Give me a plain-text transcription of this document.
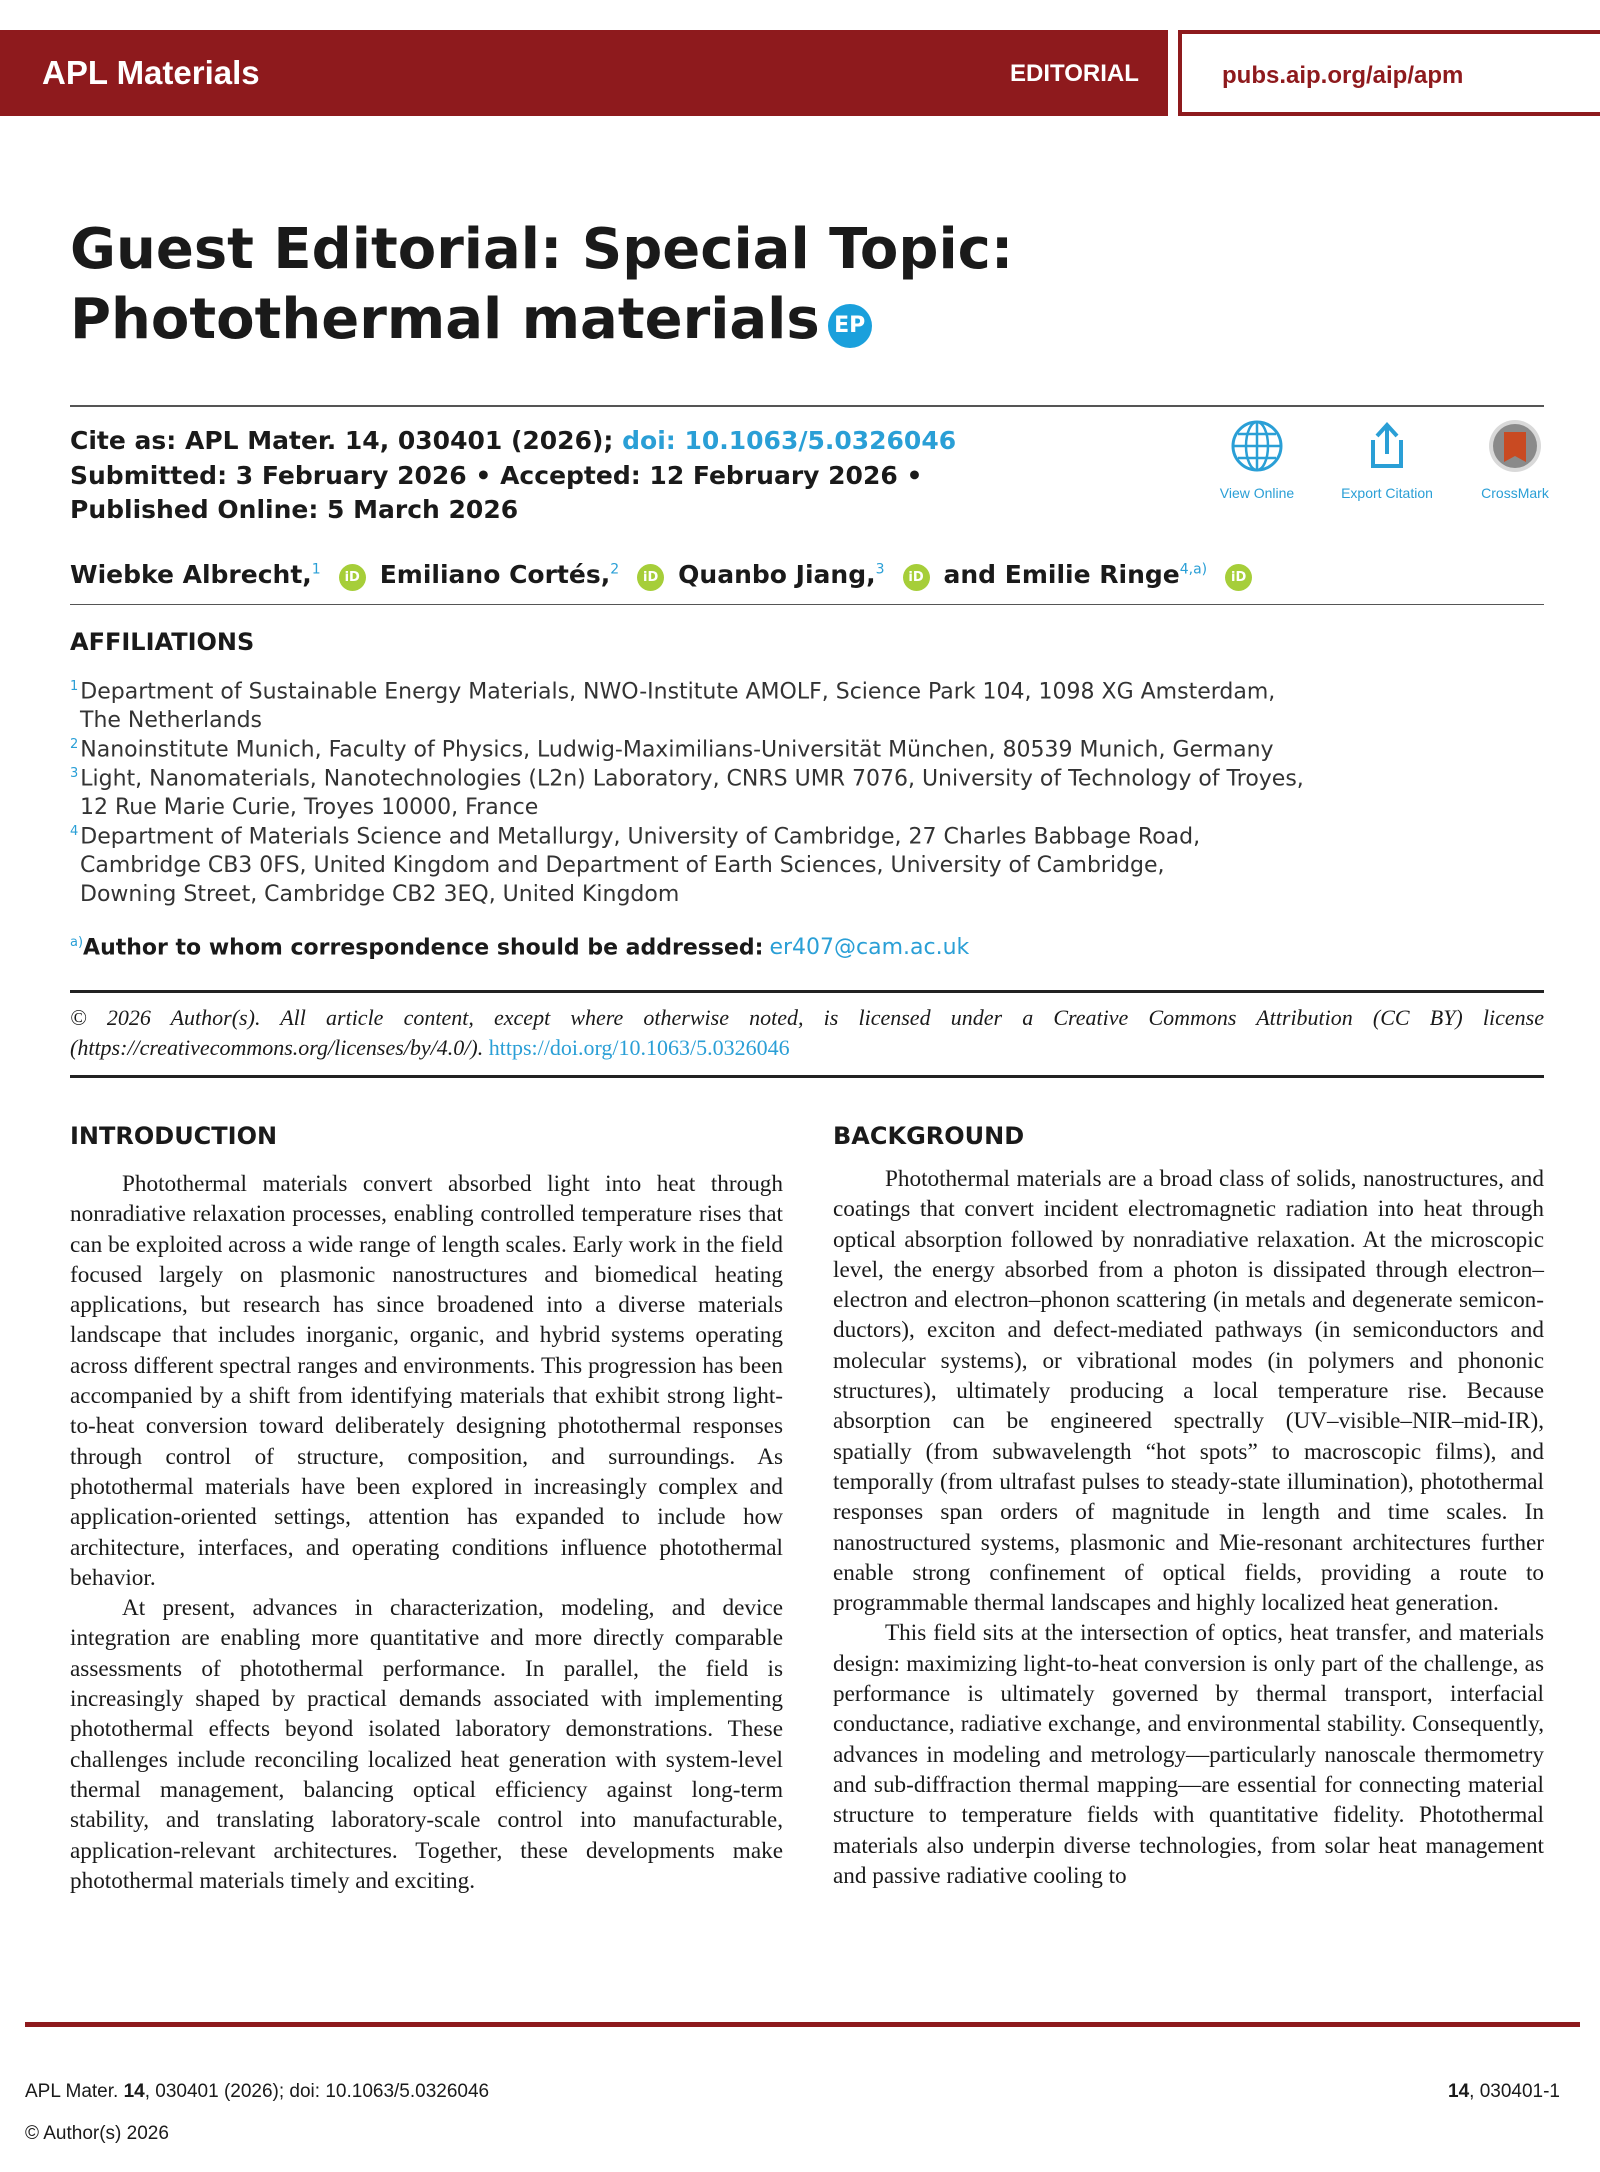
APL Materials	EDITORIAL	pubs.aip.org/aip/apm
Guest Editorial: Special Topic: Photothermal materials EP
Cite as: APL Mater. 14, 030401 (2026); doi: 10.1063/5.0326046
Submitted: 3 February 2026 • Accepted: 12 February 2026 •
Published Online: 5 March 2026
View Online	Export Citation	CrossMark
Wiebke Albrecht,$^1$ iD Emiliano Cortés,$^2$ iD Quanbo Jiang,$^3$ iD and Emilie Ringe$^{4,a)}$ iD
AFFILIATIONS
$^1$Department of Sustainable Energy Materials, NWO-Institute AMOLF, Science Park 104, 1098 XG Amsterdam,
The Netherlands
$^2$Nanoinstitute Munich, Faculty of Physics, Ludwig-Maximilians-Universität München, 80539 Munich, Germany
$^3$Light, Nanomaterials, Nanotechnologies (L2n) Laboratory, CNRS UMR 7076, University of Technology of Troyes,
12 Rue Marie Curie, Troyes 10000, France
$^4$Department of Materials Science and Metallurgy, University of Cambridge, 27 Charles Babbage Road,
Cambridge CB3 0FS, United Kingdom and Department of Earth Sciences, University of Cambridge,
Downing Street, Cambridge CB2 3EQ, United Kingdom
$^{a)}$Author to whom correspondence should be addressed: er407@cam.ac.uk
© 2026 Author(s). All article content, except where otherwise noted, is licensed under a Creative Commons Attribution (CC BY) license (https://creativecommons.org/licenses/by/4.0/). https://doi.org/10.1063/5.0326046
INTRODUCTION

Photothermal materials convert absorbed light into heat through nonradiative relaxation processes, enabling controlled temperature rises that can be exploited across a wide range of length scales. Early work in the field focused largely on plasmonic nanostructures and biomedical heating applications, but research has since broadened into a diverse materials landscape that includes inorganic, organic, and hybrid systems operating across different spectral ranges and environments. This progression has been accompanied by a shift from identifying materials that exhibit strong light-to-heat conversion toward deliberately designing photothermal responses through control of structure, composition, and surroundings. As photothermal materials have been explored in increasingly complex and application-oriented settings, attention has expanded to include how architecture, interfaces, and operating conditions influence photothermal behavior.

At present, advances in characterization, modeling, and device integration are enabling more quantitative and more directly comparable assessments of photothermal performance. In parallel, the field is increasingly shaped by practical demands associated with implementing photothermal effects beyond isolated laboratory demonstrations. These challenges include reconciling localized heat generation with system-level thermal management, balancing optical efficiency against long-term stability, and translating laboratory-scale control into manufacturable, application-relevant architectures. Together, these developments make photothermal materials timely and exciting.

BACKGROUND

Photothermal materials are a broad class of solids, nanostructures, and coatings that convert incident electromagnetic radiation into heat through optical absorption followed by nonradiative relaxation. At the microscopic level, the energy absorbed from a photon is dissipated through electron–electron and electron–phonon scattering (in metals and degenerate semiconductors), exciton and defect-mediated pathways (in semiconductors and molecular systems), or vibrational modes (in polymers and phononic structures), ultimately producing a local temperature rise. Because absorption can be engineered spectrally (UV–visible–NIR–mid-IR), spatially (from subwavelength “hot spots” to macroscopic films), and temporally (from ultrafast pulses to steady-state illumination), photothermal responses span orders of magnitude in length and time scales. In nanostructured systems, plasmonic and Mie-resonant architectures further enable strong confinement of optical fields, providing a route to programmable thermal landscapes and highly localized heat generation.

This field sits at the intersection of optics, heat transfer, and materials design: maximizing light-to-heat conversion is only part of the challenge, as performance is ultimately governed by thermal transport, interfacial conductance, radiative exchange, and environmental stability. Consequently, advances in modeling and metrology—particularly nanoscale thermometry and sub-diffraction thermal mapping—are essential for connecting material structure to temperature fields with quantitative fidelity. Photothermal materials also underpin diverse technologies, from solar heat management and passive radiative cooling to

APL Mater. 14, 030401 (2026); doi: 10.1063/5.0326046
© Author(s) 2026
14, 030401-1
